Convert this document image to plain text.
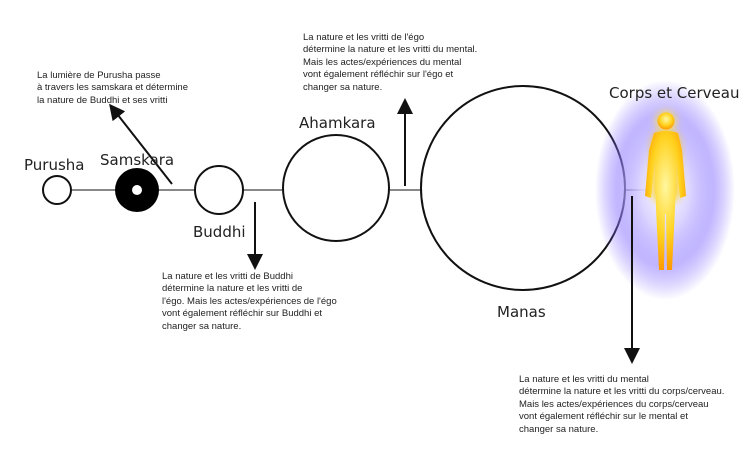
Purusha Samskara
Buddhi
Ahamkara
Manas
Corps et Cerveau
La lumière de Purusha passe
à travers les samskara et détermine
la nature de Buddhi et ses vritti
La nature et les vritti de l'égo
détermine la nature et les vritti du mental.
Mais les actes/expériences du mental
vont également réfléchir sur l'égo et
changer sa nature.
La nature et les vritti de Buddhi
détermine la nature et les vritti de
l'égo. Mais les actes/expériences de l'égo
vont également réfléchir sur Buddhi et
changer sa nature.
La nature et les vritti du mental
détermine la nature et les vritti du corps/cerveau.
Mais les actes/expériences du corps/cerveau
vont également réfléchir sur le mental et
changer sa nature.
